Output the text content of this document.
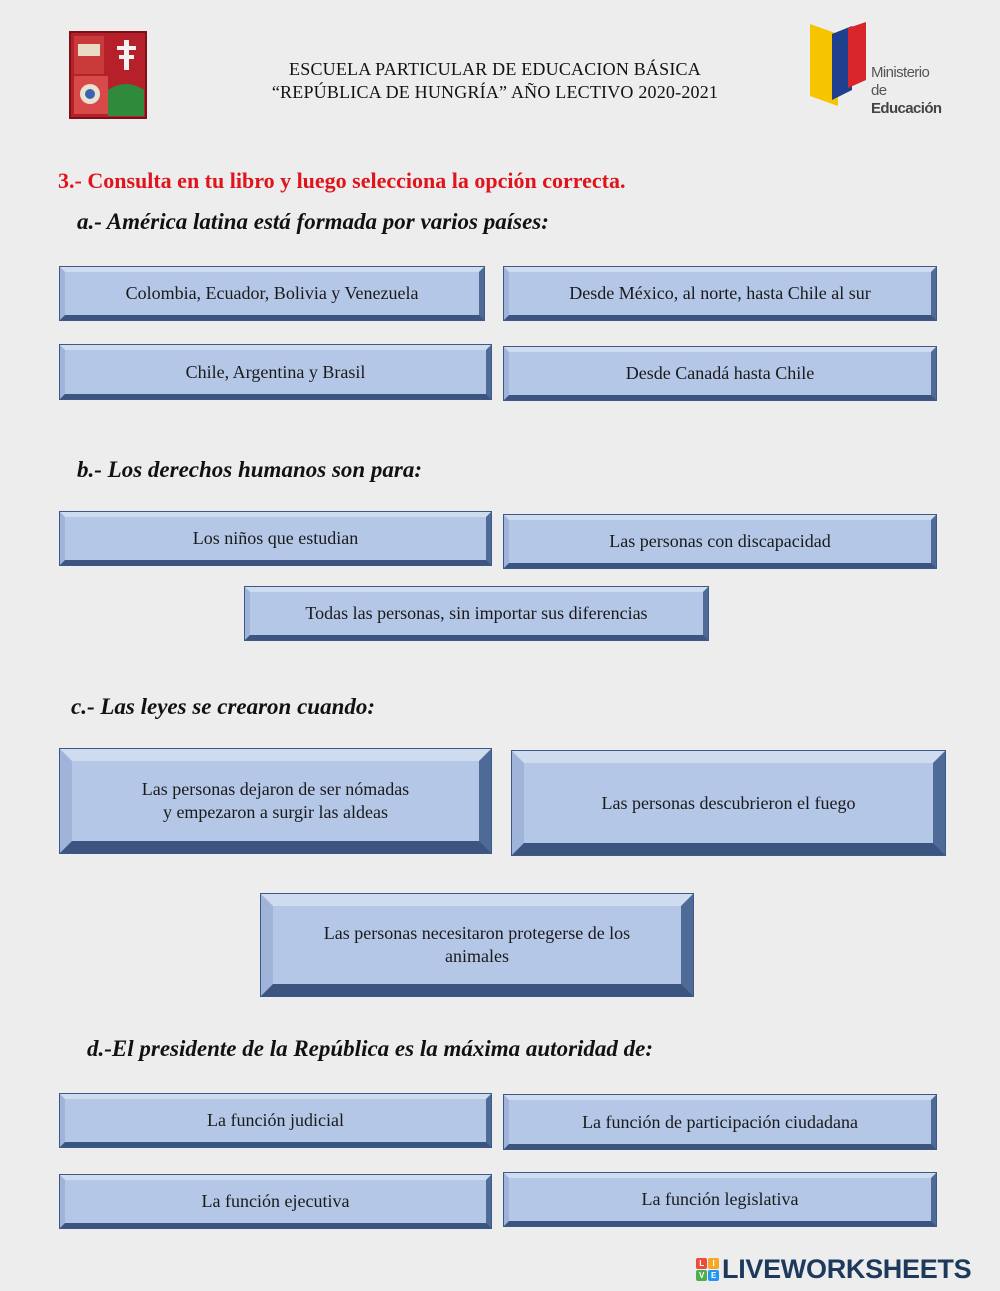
ESCUELA PARTICULAR DE EDUCACION BÁSICA
“REPÚBLICA DE HUNGRÍA” AÑO LECTIVO 2020-2021
Ministerio
de Educación
3.- Consulta en tu libro y luego selecciona la opción correcta.
a.- América latina está formada por varios países:
Colombia, Ecuador, Bolivia y Venezuela	Desde México, al norte, hasta Chile al sur
Chile, Argentina y Brasil	Desde Canadá hasta Chile
b.- Los derechos humanos son para:
Los niños que estudian	Las personas con discapacidad
Todas las personas, sin importar sus diferencias
c.- Las leyes se crearon cuando:
Las personas dejaron de ser nómadas
y empezaron a surgir las aldeas	Las personas descubrieron el fuego
Las personas necesitaron protegerse de los
animales
d.-El presidente de la República es la máxima autoridad de:
La función judicial	La función de participación ciudadana
La función ejecutiva	La función legislativa
L	I
V E LIVEWORKSHEETS
